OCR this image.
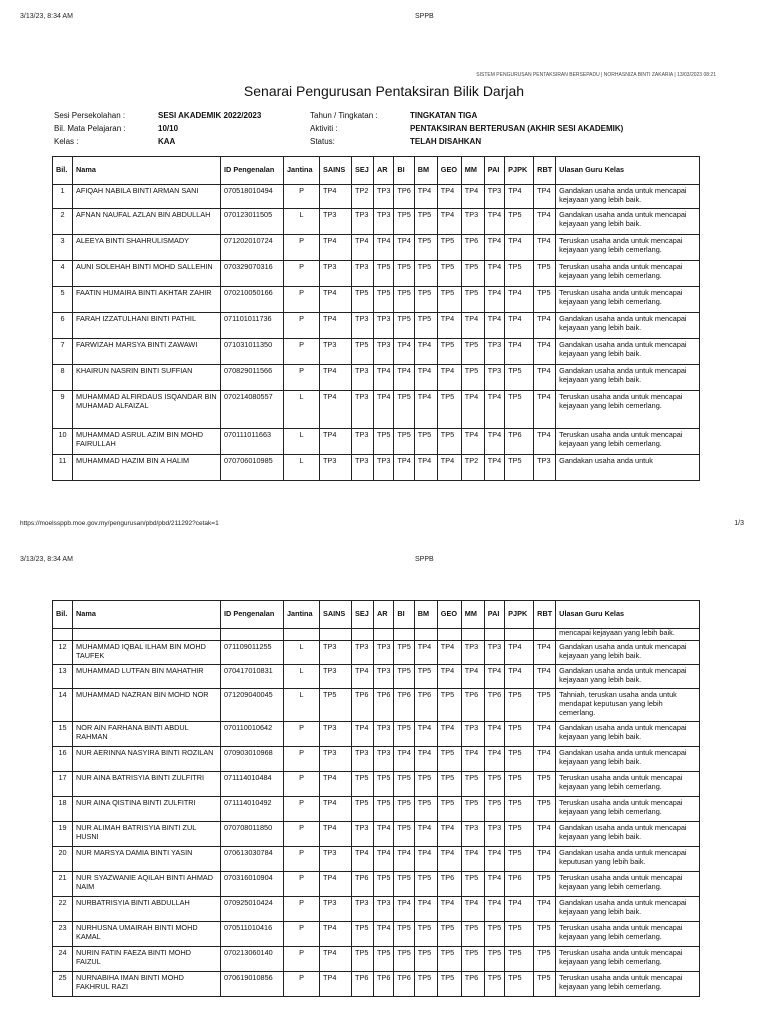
3/13/23, 8:34 AM	SPPB
SISTEM PENGURUSAN PENTAKSIRAN BERSEPADU | NORHASNIZA BINTI ZAKARIA | 13/03/2023 08:21
Senarai Pengurusan Pentaksiran Bilik Darjah
Sesi Persekolahan :	SESI AKADEMIK 2022/2023
Bil. Mata Pelajaran :	10/10
Kelas :	KAA
Tahun / Tingkatan :	TINGKATAN TIGA
Aktiviti :	PENTAKSIRAN BERTERUSAN (AKHIR SESI AKADEMIK)
Status:	TELAH DISAHKAN
Bil.	Nama	ID Pengenalan	Jantina	SAINS	SEJ	AR	BI	BM	GEO	MM	PAI	PJPK	RBT	Ulasan Guru Kelas
1	AFIQAH NABILA BINTI ARMAN SANI	070518010494	P	TP4	TP2	TP3	TP6	TP4	TP4	TP4	TP3	TP4	TP4	Gandakan usaha anda untuk mencapai kejayaan yang lebih baik.
2	AFNAN NAUFAL AZLAN BIN ABDULLAH	070123011505	L	TP3	TP3	TP3	TP5	TP5	TP4	TP3	TP4	TP5	TP4	Gandakan usaha anda untuk mencapai kejayaan yang lebih baik.
3	ALEEYA BINTI SHAHRULISMADY	071202010724	P	TP4	TP4	TP4	TP4	TP5	TP5	TP6	TP4	TP4	TP4	Teruskan usaha anda untuk mencapai kejayaan yang lebih cemerlang.
4	AUNI SOLEHAH BINTI MOHD SALLEHIN	070329070316	P	TP3	TP3	TP5	TP5	TP5	TP5	TP5	TP4	TP5	TP5	Teruskan usaha anda untuk mencapai kejayaan yang lebih cemerlang.
5	FAATIN HUMAIRA BINTI AKHTAR ZAHIR	070210050166	P	TP4	TP5	TP5	TP5	TP5	TP5	TP5	TP4	TP4	TP5	Teruskan usaha anda untuk mencapai kejayaan yang lebih cemerlang.
6	FARAH IZZATULHANI BINTI PATHIL	071101011736	P	TP4	TP3	TP3	TP5	TP5	TP4	TP4	TP4	TP4	TP4	Gandakan usaha anda untuk mencapai kejayaan yang lebih baik.
7	FARWIZAH MARSYA BINTI ZAWAWI	071031011350	P	TP3	TP5	TP3	TP4	TP4	TP5	TP5	TP3	TP4	TP4	Gandakan usaha anda untuk mencapai kejayaan yang lebih baik.
8	KHAIRUN NASRIN BINTI SUFFIAN	070829011566	P	TP4	TP3	TP4	TP4	TP4	TP4	TP5	TP3	TP5	TP4	Gandakan usaha anda untuk mencapai kejayaan yang lebih baik.
9	MUHAMMAD ALFIRDAUS ISQANDAR BIN MUHAMAD ALFAIZAL	070214080557	L	TP4	TP3	TP4	TP5	TP4	TP5	TP4	TP4	TP5	TP4	Teruskan usaha anda untuk mencapai kejayaan yang lebih cemerlang.
10	MUHAMMAD ASRUL AZIM BIN MOHD FAIRULLAH	070111011663	L	TP4	TP3	TP5	TP5	TP5	TP5	TP4	TP4	TP6	TP4	Teruskan usaha anda untuk mencapai kejayaan yang lebih cemerlang.
11	MUHAMMAD HAZIM BIN A HALIM	070706010985	L	TP3	TP3	TP3	TP4	TP4	TP4	TP2	TP4	TP5	TP3	Gandakan usaha anda untuk
https://moelssppb.moe.gov.my/pengurusan/pbd/pbd/211292?cetak=1	1/3
3/13/23, 8:34 AM	SPPB
Bil.	Nama	ID Pengenalan	Jantina	SAINS	SEJ	AR	BI	BM	GEO	MM	PAI	PJPK	RBT	Ulasan Guru Kelas
														mencapai kejayaan yang lebih baik.
12	MUHAMMAD IQBAL ILHAM BIN MOHD TAUFEK	071109011255	L	TP3	TP3	TP3	TP5	TP4	TP4	TP3	TP3	TP4	TP4	Gandakan usaha anda untuk mencapai kejayaan yang lebih baik.
13	MUHAMMAD LUTFAN BIN MAHATHIR	070417010831	L	TP3	TP4	TP3	TP5	TP5	TP4	TP4	TP4	TP4	TP4	Gandakan usaha anda untuk mencapai kejayaan yang lebih baik.
14	MUHAMMAD NAZRAN BIN MOHD NOR	071209040045	L	TP5	TP6	TP6	TP6	TP6	TP5	TP6	TP6	TP5	TP5	Tahniah, teruskan usaha anda untuk mendapat keputusan yang lebih cemerlang.
15	NOR AIN FARHANA BINTI ABDUL RAHMAN	070110010642	P	TP3	TP4	TP3	TP5	TP4	TP4	TP3	TP4	TP5	TP4	Gandakan usaha anda untuk mencapai kejayaan yang lebih baik.
16	NUR AERINNA NASYIRA BINTI ROZILAN	070903010968	P	TP3	TP3	TP3	TP4	TP4	TP5	TP4	TP4	TP5	TP4	Gandakan usaha anda untuk mencapai kejayaan yang lebih baik.
17	NUR AINA BATRISYIA BINTI ZULFITRI	071114010484	P	TP4	TP5	TP5	TP5	TP5	TP5	TP5	TP5	TP5	TP5	Teruskan usaha anda untuk mencapai kejayaan yang lebih cemerlang.
18	NUR AINA QISTINA BINTI ZULFITRI	071114010492	P	TP4	TP5	TP5	TP5	TP5	TP5	TP5	TP5	TP5	TP5	Teruskan usaha anda untuk mencapai kejayaan yang lebih cemerlang.
19	NUR ALIMAH BATRISYIA BINTI ZUL HUSNI	070708011850	P	TP4	TP3	TP4	TP5	TP4	TP4	TP3	TP3	TP5	TP4	Gandakan usaha anda untuk mencapai kejayaan yang lebih baik.
20	NUR MARSYA DAMIA BINTI YASIN	070613030784	P	TP3	TP4	TP4	TP4	TP4	TP4	TP4	TP4	TP5	TP4	Gandakan usaha anda untuk mencapai keputusan yang lebih baik.
21	NUR SYAZWANIE AQILAH BINTI AHMAD NAIM	070316010904	P	TP4	TP6	TP5	TP5	TP5	TP6	TP5	TP4	TP6	TP5	Teruskan usaha anda untuk mencapai kejayaan yang lebih cemerlang.
22	NURBATRISYIA BINTI ABDULLAH	070925010424	P	TP3	TP3	TP3	TP4	TP4	TP4	TP4	TP4	TP4	TP4	Gandakan usaha anda untuk mencapai kejayaan yang lebih baik.
23	NURHUSNA UMAIRAH BINTI MOHD KAMAL	070511010416	P	TP4	TP5	TP4	TP5	TP5	TP5	TP5	TP5	TP5	TP5	Teruskan usaha anda untuk mencapai kejayaan yang lebih cemerlang.
24	NURIN FATIN FAEZA BINTI MOHD FAIZUL	070213060140	P	TP4	TP5	TP5	TP5	TP5	TP5	TP5	TP5	TP5	TP5	Teruskan usaha anda untuk mencapai kejayaan yang lebih cemerlang.
25	NURNABIHA IMAN BINTI MOHD FAKHRUL RAZI	070619010856	P	TP4	TP6	TP6	TP6	TP5	TP5	TP6	TP5	TP5	TP5	Teruskan usaha anda untuk mencapai kejayaan yang lebih cemerlang.
